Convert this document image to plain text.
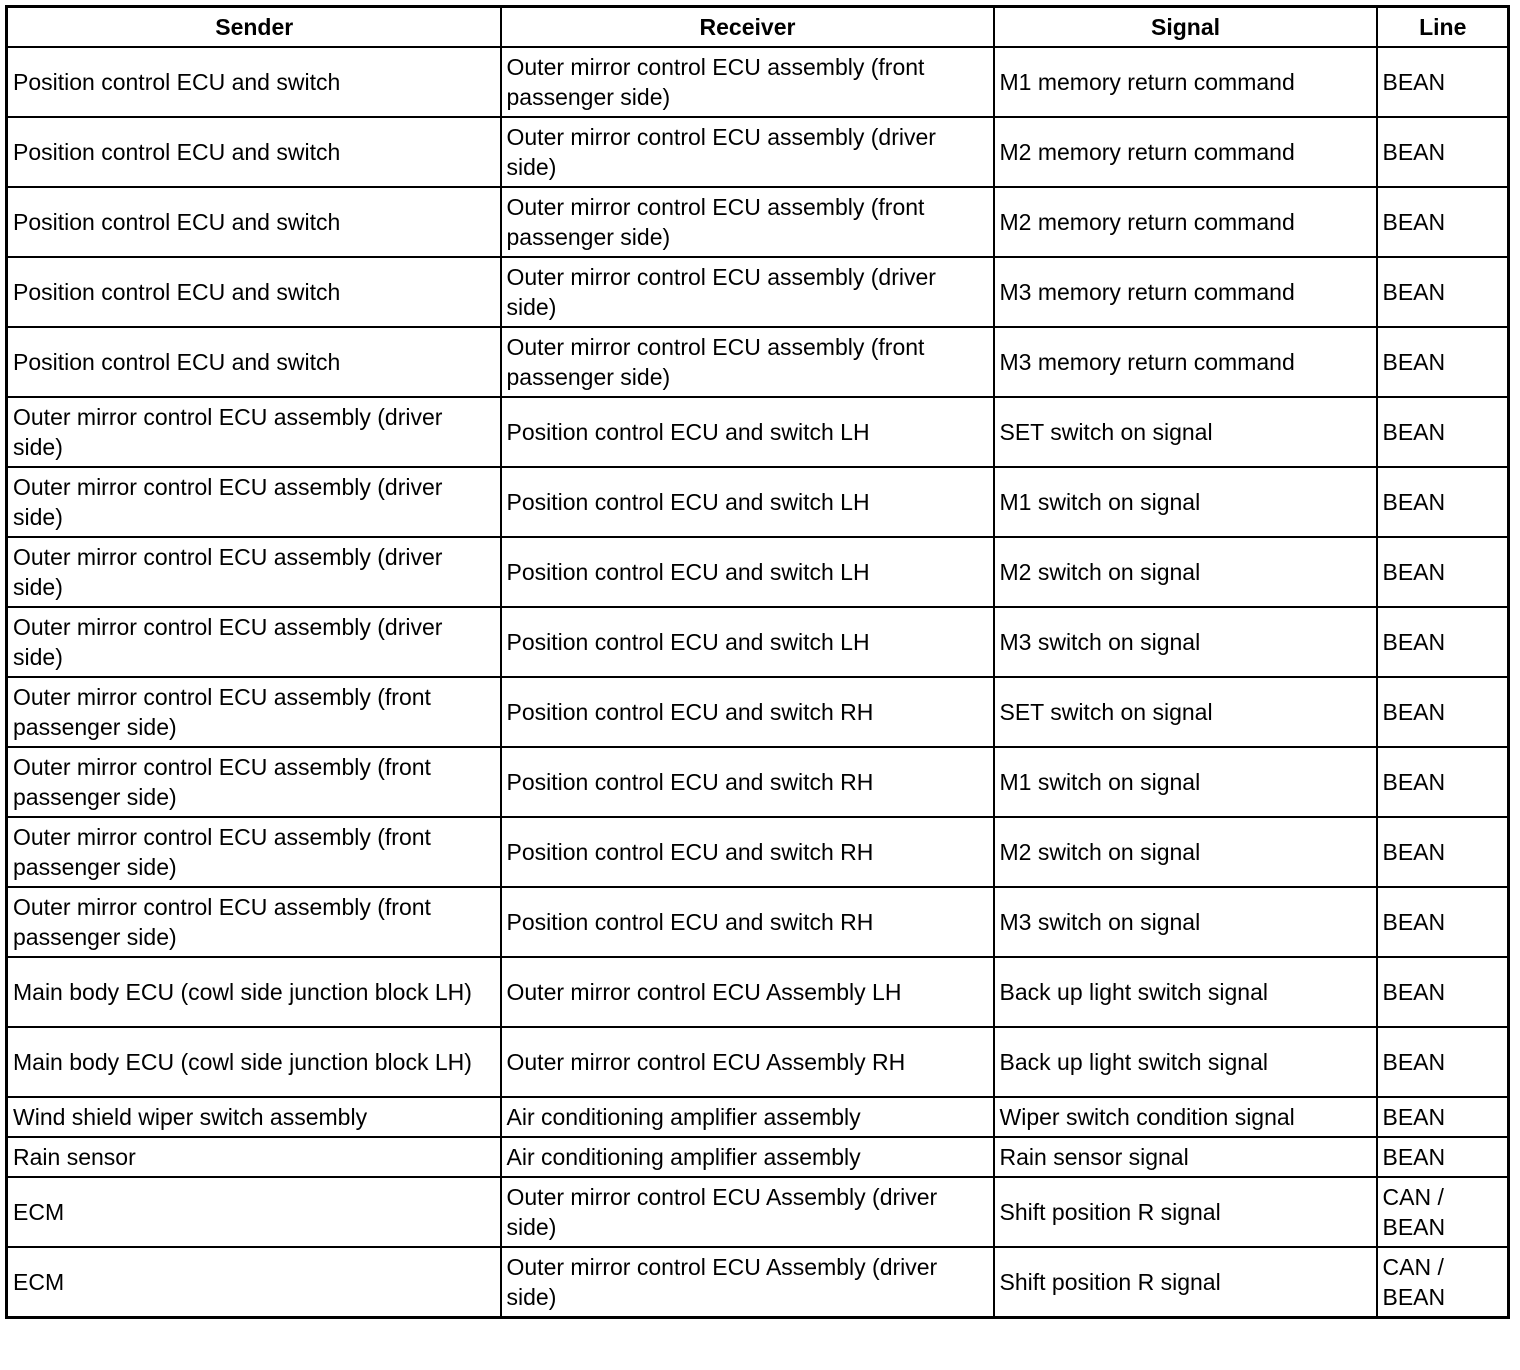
Sender	Receiver	Signal	Line
Position control ECU and switch	Outer mirror control ECU assembly (front passenger side)	M1 memory return command	BEAN
Position control ECU and switch	Outer mirror control ECU assembly (driver side)	M2 memory return command	BEAN
Position control ECU and switch	Outer mirror control ECU assembly (front passenger side)	M2 memory return command	BEAN
Position control ECU and switch	Outer mirror control ECU assembly (driver side)	M3 memory return command	BEAN
Position control ECU and switch	Outer mirror control ECU assembly (front passenger side)	M3 memory return command	BEAN
Outer mirror control ECU assembly (driver side)	Position control ECU and switch LH	SET switch on signal	BEAN
Outer mirror control ECU assembly (driver side)	Position control ECU and switch LH	M1 switch on signal	BEAN
Outer mirror control ECU assembly (driver side)	Position control ECU and switch LH	M2 switch on signal	BEAN
Outer mirror control ECU assembly (driver side)	Position control ECU and switch LH	M3 switch on signal	BEAN
Outer mirror control ECU assembly (front passenger side)	Position control ECU and switch RH	SET switch on signal	BEAN
Outer mirror control ECU assembly (front passenger side)	Position control ECU and switch RH	M1 switch on signal	BEAN
Outer mirror control ECU assembly (front passenger side)	Position control ECU and switch RH	M2 switch on signal	BEAN
Outer mirror control ECU assembly (front passenger side)	Position control ECU and switch RH	M3 switch on signal	BEAN
Main body ECU (cowl side junction block LH)	Outer mirror control ECU Assembly LH	Back up light switch signal	BEAN
Main body ECU (cowl side junction block LH)	Outer mirror control ECU Assembly RH	Back up light switch signal	BEAN
Wind shield wiper switch assembly	Air conditioning amplifier assembly	Wiper switch condition signal	BEAN
Rain sensor	Air conditioning amplifier assembly	Rain sensor signal	BEAN
ECM	Outer mirror control ECU Assembly (driver side)	Shift position R signal	CAN / BEAN
ECM	Outer mirror control ECU Assembly (driver side)	Shift position R signal	CAN / BEAN
